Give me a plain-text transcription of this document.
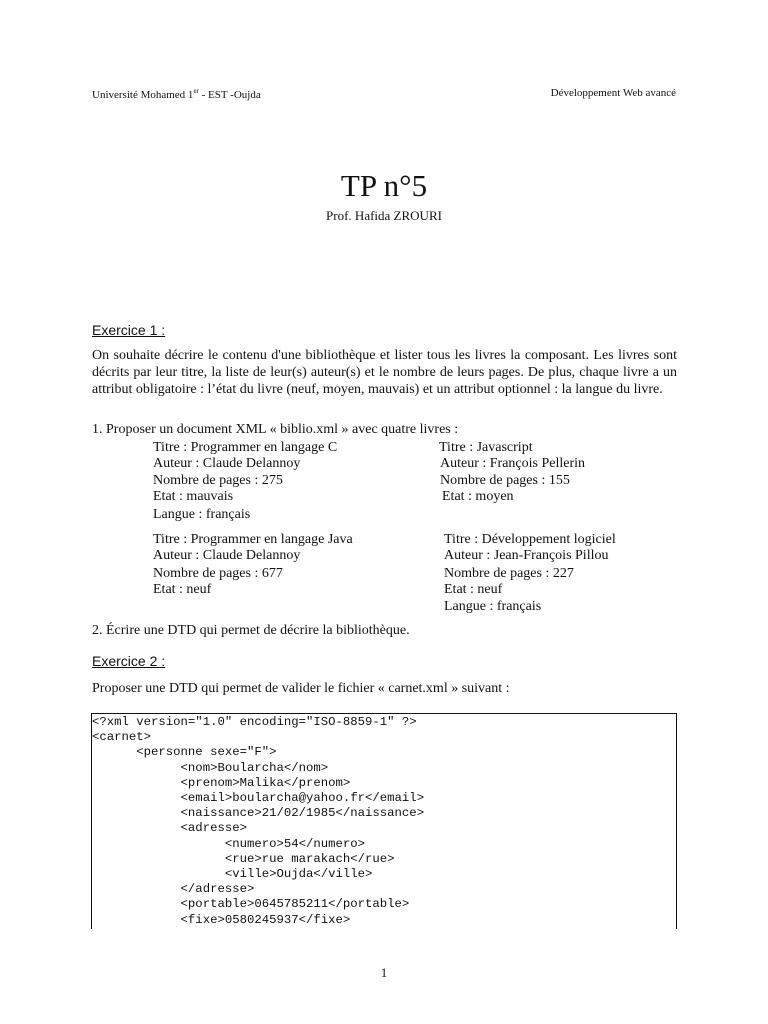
Université Mohamed 1er - EST -Oujda	Développement Web avancé
TP n°5
Prof. Hafida ZROURI
Exercice 1 :
On souhaite décrire le contenu d'une bibliothèque et lister tous les livres la composant. Les livres sont décrits par leur titre, la liste de leur(s) auteur(s) et le nombre de leurs pages. De plus, chaque livre a un attribut obligatoire : l’état du livre (neuf, moyen, mauvais) et un attribut optionnel : la langue du livre.
1. Proposer un document XML « biblio.xml » avec quatre livres :
Titre : Programmer en langage C
Auteur : Claude Delannoy
Nombre de pages : 275
Etat : mauvais
Langue : français
Titre : Javascript
Auteur : François Pellerin
Nombre de pages : 155
Etat : moyen
Titre : Programmer en langage Java
Auteur : Claude Delannoy
Nombre de pages : 677
Etat : neuf
Titre : Développement logiciel
Auteur : Jean-François Pillou
Nombre de pages : 227
Etat : neuf
Langue : français
2. Écrire une DTD qui permet de décrire la bibliothèque.
Exercice 2 :
Proposer une DTD qui permet de valider le fichier « carnet.xml » suivant :
<?xml version="1.0" encoding="ISO-8859-1" ?>
<carnet>
<personne sexe="F">
<nom>Boularcha</nom>
<prenom>Malika</prenom>
<email>boularcha@yahoo.fr</email>
<naissance>21/02/1985</naissance>
<adresse>
<numero>54</numero>
<rue>rue marakach</rue>
<ville>Oujda</ville>
</adresse>
<portable>0645785211</portable>
<fixe>0580245937</fixe>
1
